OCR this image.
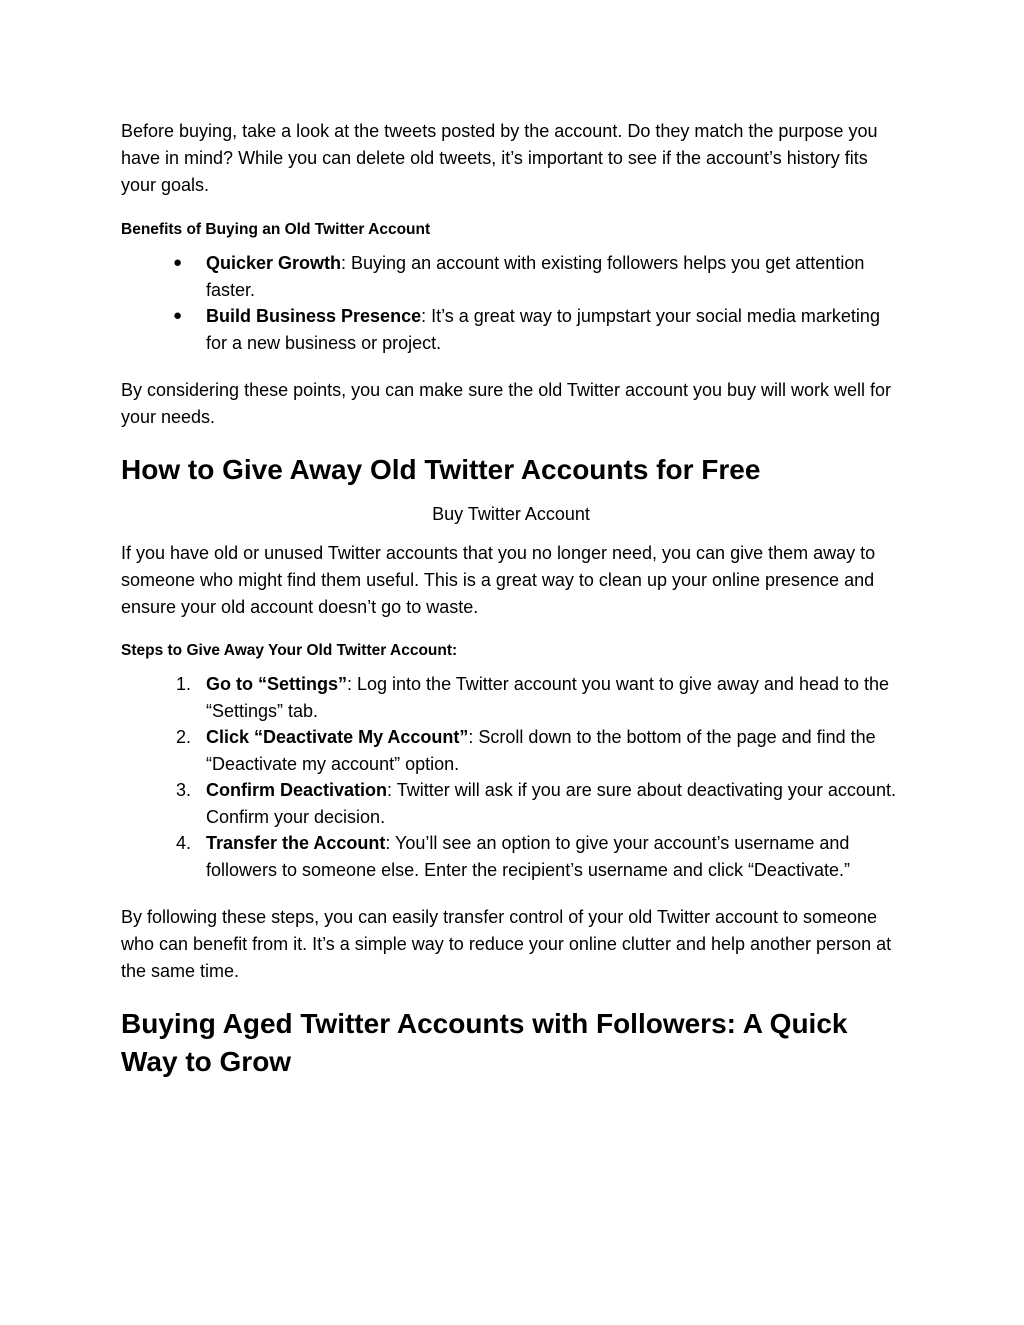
Before buying, take a look at the tweets posted by the account. Do they match the purpose you have in mind? While you can delete old tweets, it’s important to see if the account’s history fits your goals.

Benefits of Buying an Old Twitter Account
● Quicker Growth: Buying an account with existing followers helps you get attention faster.
● Build Business Presence: It’s a great way to jumpstart your social media marketing for a new business or project.

By considering these points, you can make sure the old Twitter account you buy will work well for your needs.

How to Give Away Old Twitter Accounts for Free
Buy Twitter Account

If you have old or unused Twitter accounts that you no longer need, you can give them away to someone who might find them useful. This is a great way to clean up your online presence and ensure your old account doesn’t go to waste.

Steps to Give Away Your Old Twitter Account:
1. Go to “Settings”: Log into the Twitter account you want to give away and head to the “Settings” tab.
2. Click “Deactivate My Account”: Scroll down to the bottom of the page and find the “Deactivate my account” option.
3. Confirm Deactivation: Twitter will ask if you are sure about deactivating your account. Confirm your decision.
4. Transfer the Account: You’ll see an option to give your account’s username and followers to someone else. Enter the recipient’s username and click “Deactivate.”

By following these steps, you can easily transfer control of your old Twitter account to someone who can benefit from it. It’s a simple way to reduce your online clutter and help another person at the same time.

Buying Aged Twitter Accounts with Followers: A Quick Way to Grow
